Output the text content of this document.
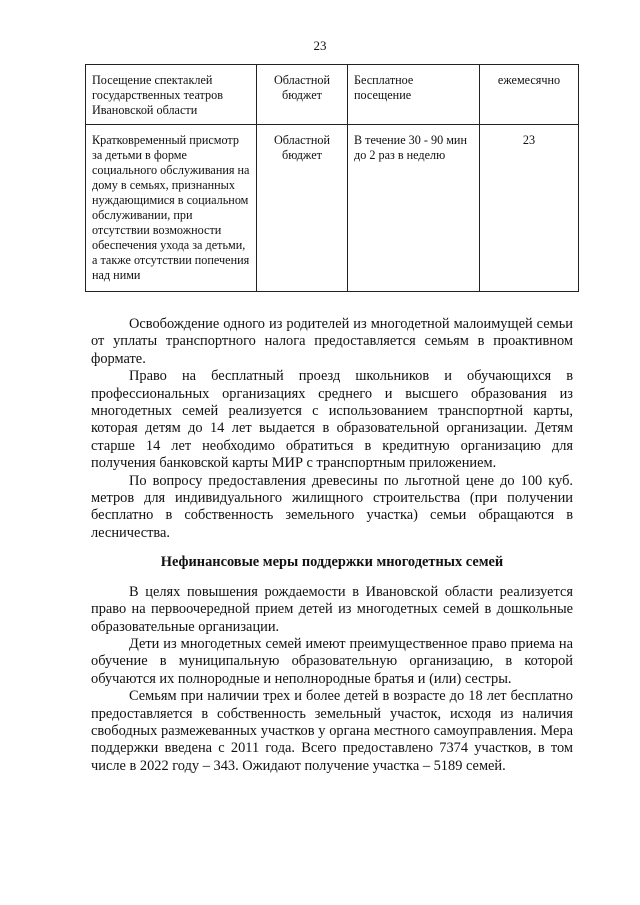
23
Посещение спектаклей государственных театров Ивановской области	Областной бюджет	Бесплатное посещение	ежемесячно
Кратковременный присмотр за детьми в форме социального обслуживания на дому в семьях, признанных нуждающимися в социальном обслуживании, при отсутствии возможности обеспечения ухода за детьми, а также отсутствии попечения над ними	Областной бюджет	В течение 30 - 90 мин до 2 раз в неделю	23

Освобождение одного из родителей из многодетной малоимущей семьи от уплаты транспортного налога предоставляется семьям в проактивном формате.

Право на бесплатный проезд школьников и обучающихся в профессиональных организациях среднего и высшего образования из многодетных семей реализуется с использованием транспортной карты, которая детям до 14 лет выдается в образовательной организации. Детям старше 14 лет необходимо обратиться в кредитную организацию для получения банковской карты МИР с транспортным приложением.

По вопросу предоставления древесины по льготной цене до 100 куб. метров для индивидуального жилищного строительства (при получении бесплатно в собственность земельного участка) семьи обращаются в лесничества.

Нефинансовые меры поддержки многодетных семей

В целях повышения рождаемости в Ивановской области реализуется право на первоочередной прием детей из многодетных семей в дошкольные образовательные организации.

Дети из многодетных семей имеют преимущественное право приема на обучение в муниципальную образовательную организацию, в которой обучаются их полнородные и неполнородные братья и (или) сестры.

Семьям при наличии трех и более детей в возрасте до 18 лет бесплатно предоставляется в собственность земельный участок, исходя из наличия свободных размежеванных участков у органа местного самоуправления. Мера поддержки введена с 2011 года. Всего предоставлено 7374 участков, в том числе в 2022 году – 343. Ожидают получение участка – 5189 семей.
